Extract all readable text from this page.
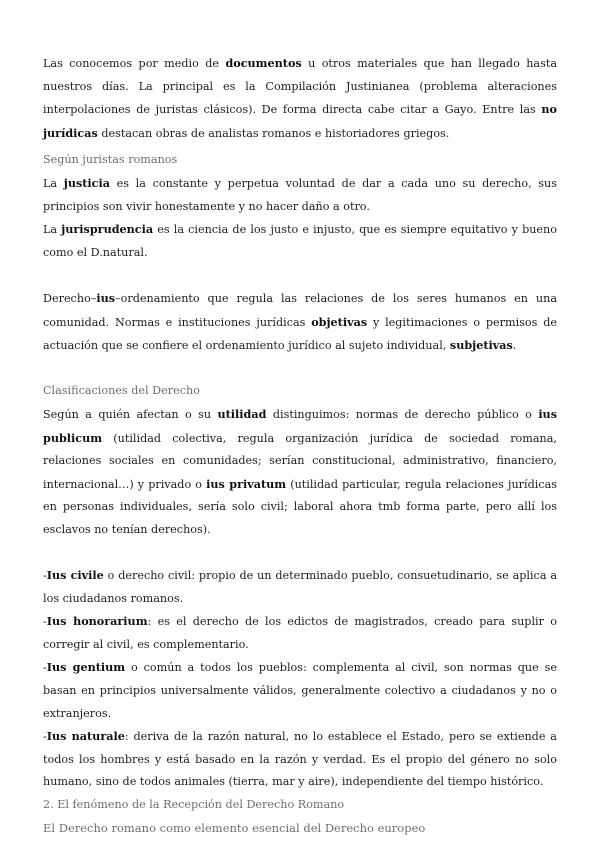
Las conocemos por medio de documentos u otros materiales que han llegado hasta nuestros días. La principal es la Compilación Justinianea (problema alteraciones interpolaciones de juristas clásicos). De forma directa cabe citar a Gayo. Entre las no jurídicas destacan obras de analistas romanos e historiadores griegos.

Según juristas romanos

La justicia es la constante y perpetua voluntad de dar a cada uno su derecho, sus principios son vivir honestamente y no hacer daño a otro.

La jurisprudencia es la ciencia de los justo e injusto, que es siempre equitativo y bueno como el D.natural.

Derecho–ius–ordenamiento que regula las relaciones de los seres humanos en una comunidad. Normas e instituciones jurídicas objetivas y legitimaciones o permisos de actuación que se confiere el ordenamiento jurídico al sujeto individual, subjetivas.

Clasificaciones del Derecho

Según a quién afectan o su utilidad distinguimos: normas de derecho público o ius publicum (utilidad colectiva, regula organización jurídica de sociedad romana, relaciones sociales en comunidades; serían constitucional, administrativo, financiero, internacional…) y privado o ius privatum (utilidad particular, regula relaciones jurídicas en personas individuales, sería solo civil; laboral ahora tmb forma parte, pero allí los esclavos no tenían derechos).

-Ius civile o derecho civil: propio de un determinado pueblo, consuetudinario, se aplica a los ciudadanos romanos.

-Ius honorarium: es el derecho de los edictos de magistrados, creado para suplir o corregir al civil, es complementario.

-Ius gentium o común a todos los pueblos: complementa al civil, son normas que se basan en principios universalmente válidos, generalmente colectivo a ciudadanos y no o extranjeros.

-Ius naturale: deriva de la razón natural, no lo establece el Estado, pero se extiende a todos los hombres y está basado en la razón y verdad. Es el propio del género no solo humano, sino de todos animales (tierra, mar y aire), independiente del tiempo histórico.

2. El fenómeno de la Recepción del Derecho Romano

El Derecho romano como elemento esencial del Derecho europeo
